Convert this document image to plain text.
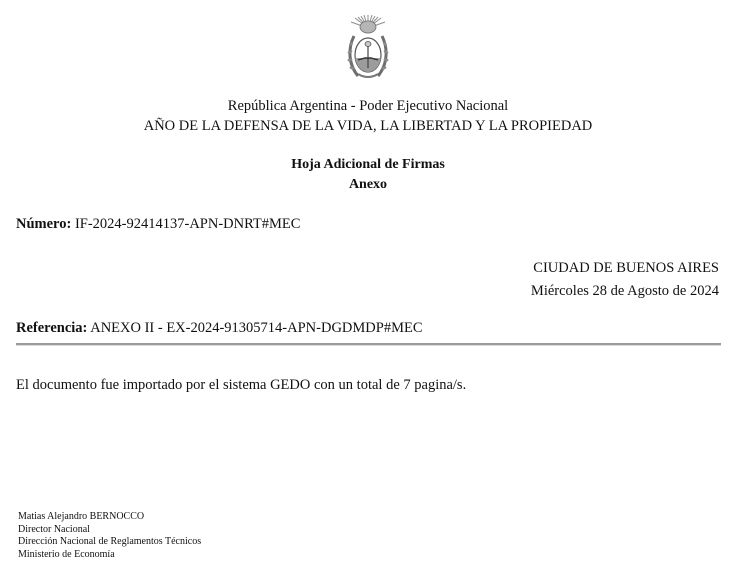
República Argentina - Poder Ejecutivo Nacional
AÑO DE LA DEFENSA DE LA VIDA, LA LIBERTAD Y LA PROPIEDAD
Hoja Adicional de Firmas
Anexo
Número: IF-2024-92414137-APN-DNRT#MEC
CIUDAD DE BUENOS AIRES
Miércoles 28 de Agosto de 2024
Referencia: ANEXO II - EX-2024-91305714-APN-DGDMDP#MEC
El documento fue importado por el sistema GEDO con un total de 7 pagina/s.
Matias Alejandro BERNOCCO
Director Nacional
Dirección Nacional de Reglamentos Técnicos
Ministerio de Economía
